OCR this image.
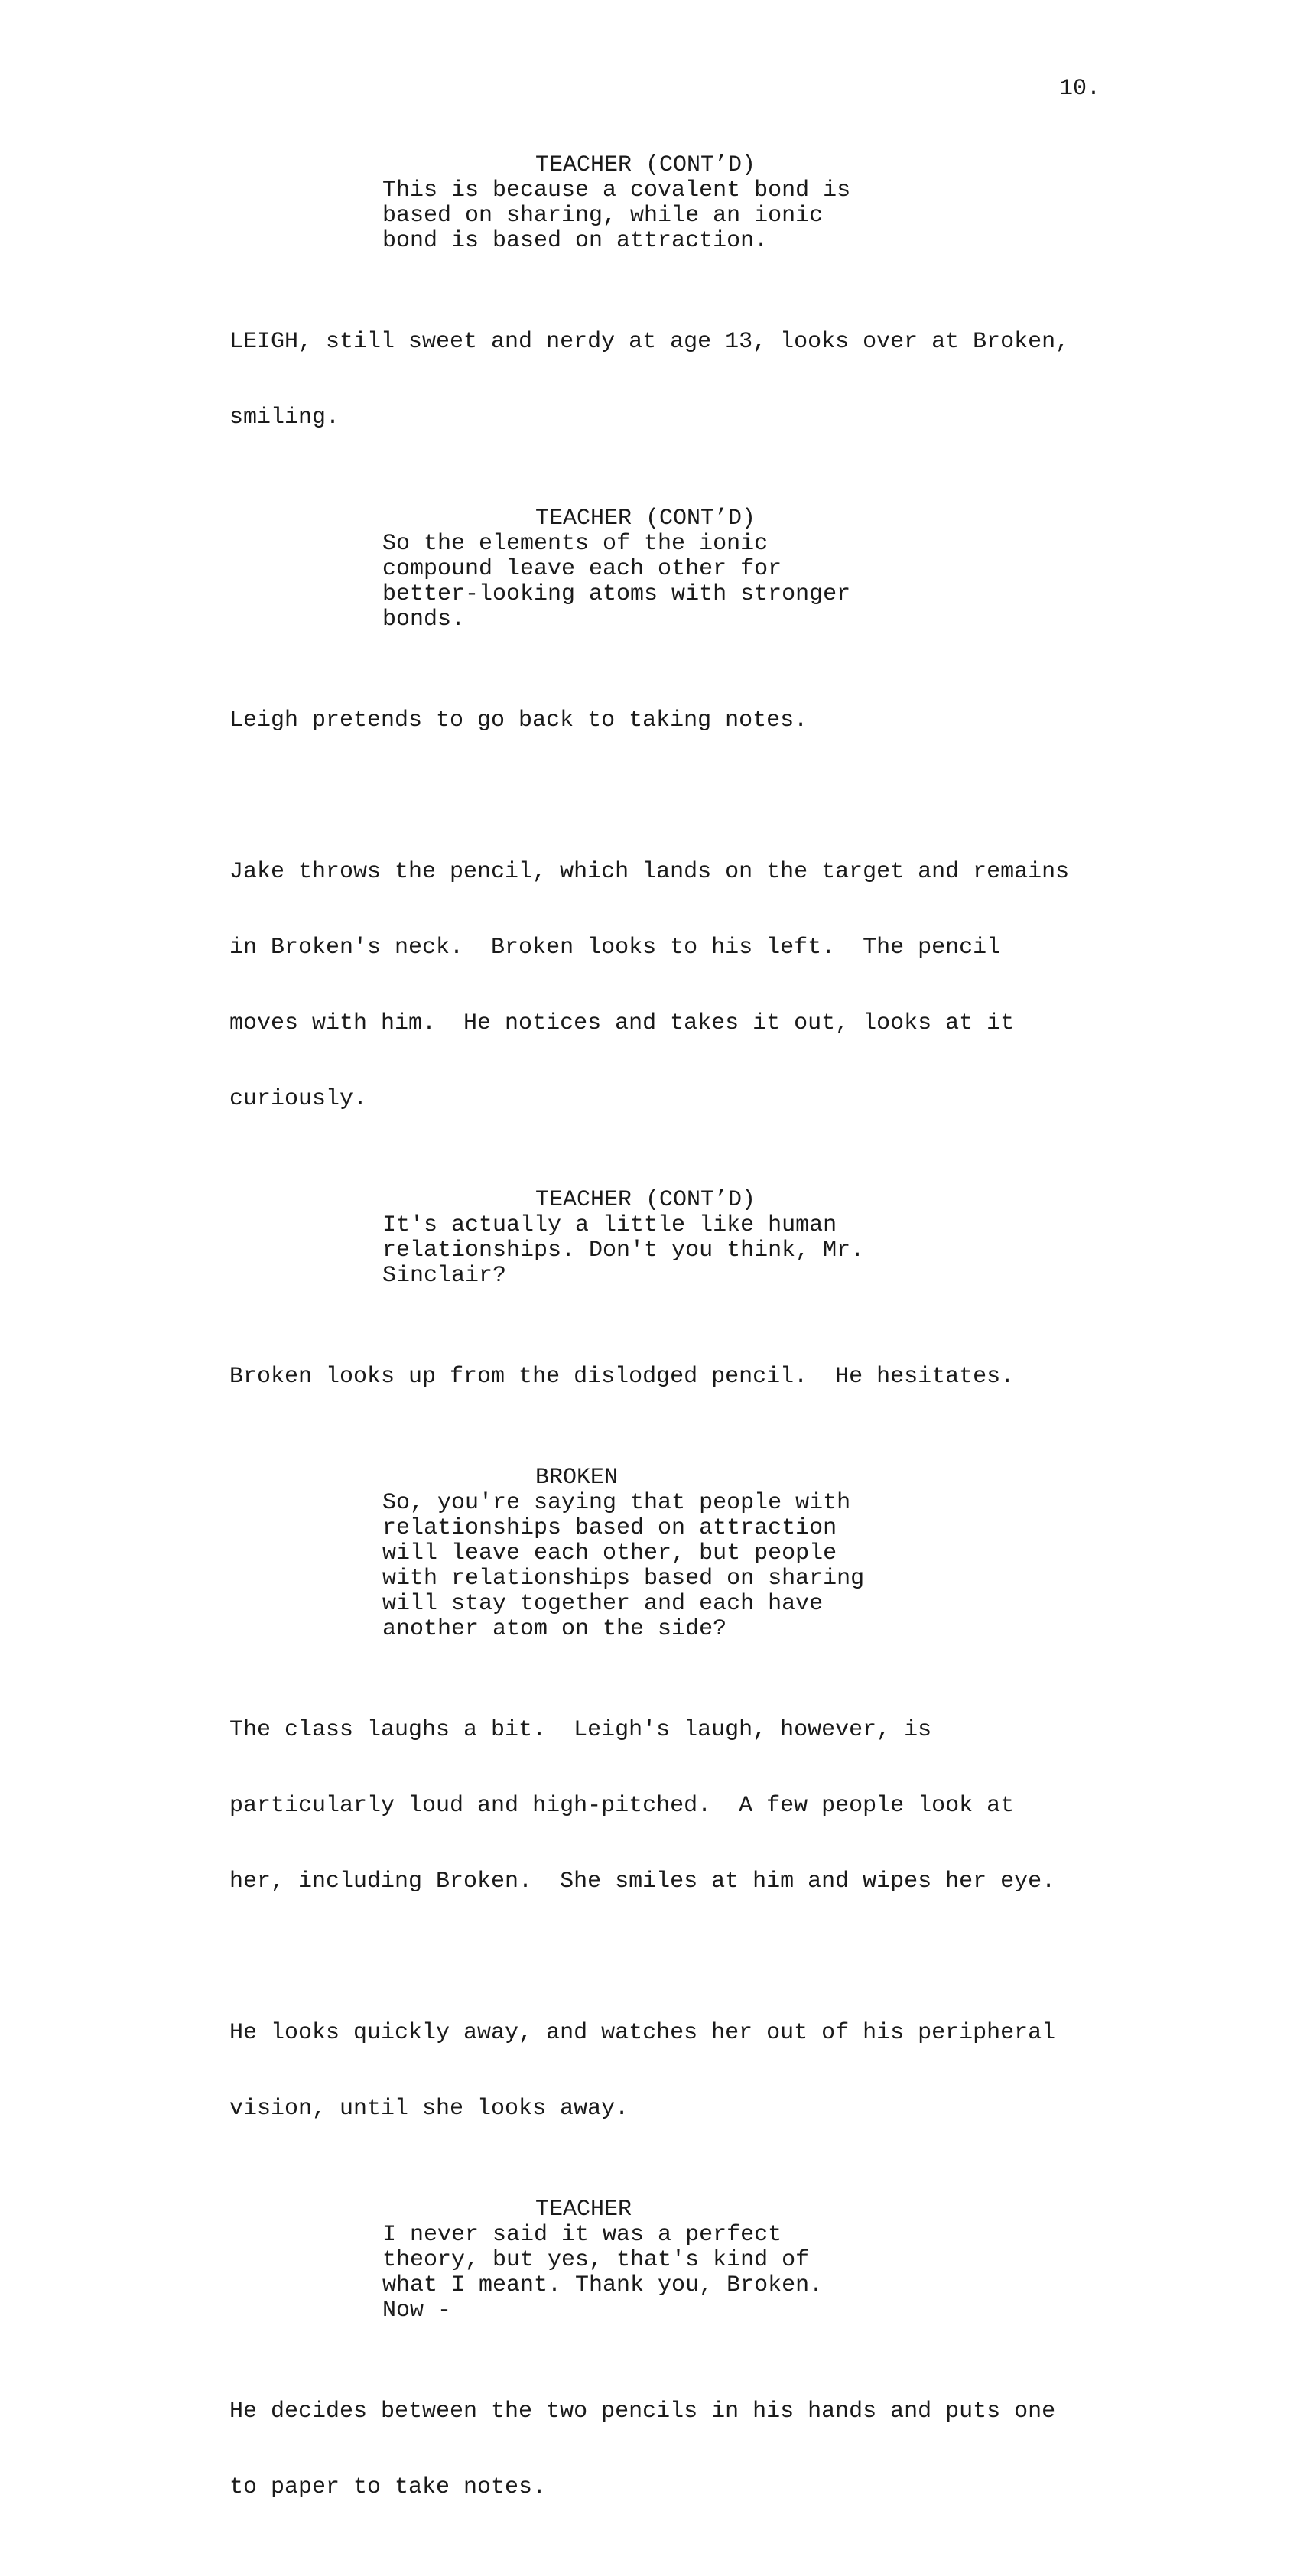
10.
TEACHER (CONT’D)
This is because a covalent bond is
based on sharing, while an ionic
bond is based on attraction.

LEIGH, still sweet and nerdy at age 13, looks over at Broken,

smiling.

TEACHER (CONT’D)
So the elements of the ionic
compound leave each other for
better-looking atoms with stronger
bonds.

Leigh pretends to go back to taking notes.

Jake throws the pencil, which lands on the target and remains

in Broken's neck.  Broken looks to his left.  The pencil

moves with him.  He notices and takes it out, looks at it

curiously.

TEACHER (CONT’D)
It's actually a little like human
relationships. Don't you think, Mr.
Sinclair?

Broken looks up from the dislodged pencil.  He hesitates.

BROKEN
So, you're saying that people with
relationships based on attraction
will leave each other, but people
with relationships based on sharing
will stay together and each have
another atom on the side?

The class laughs a bit.  Leigh's laugh, however, is

particularly loud and high-pitched.  A few people look at

her, including Broken.  She smiles at him and wipes her eye.

He looks quickly away, and watches her out of his peripheral

vision, until she looks away.

TEACHER
I never said it was a perfect
theory, but yes, that's kind of
what I meant. Thank you, Broken.
Now -

He decides between the two pencils in his hands and puts one

to paper to take notes.
